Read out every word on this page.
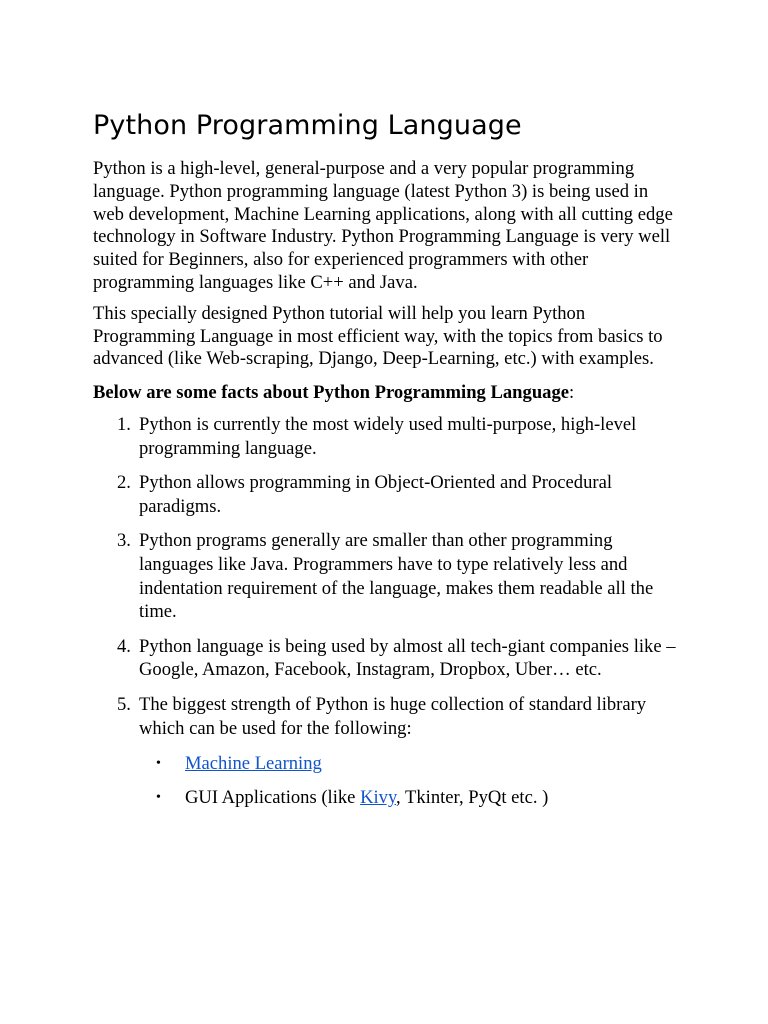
Python Programming Language

Python is a high-level, general-purpose and a very popular programming language. Python programming language (latest Python 3) is being used in web development, Machine Learning applications, along with all cutting edge technology in Software Industry. Python Programming Language is very well suited for Beginners, also for experienced programmers with other programming languages like C++ and Java.

This specially designed Python tutorial will help you learn Python Programming Language in most efficient way, with the topics from basics to advanced (like Web-scraping, Django, Deep-Learning, etc.) with examples.

Below are some facts about Python Programming Language:

1. Python is currently the most widely used multi-purpose, high-level programming language.
2. Python allows programming in Object-Oriented and Procedural paradigms.
3. Python programs generally are smaller than other programming languages like Java. Programmers have to type relatively less and indentation requirement of the language, makes them readable all the time.
4. Python language is being used by almost all tech-giant companies like – Google, Amazon, Facebook, Instagram, Dropbox, Uber… etc.
5. The biggest strength of Python is huge collection of standard library which can be used for the following:
• Machine Learning
• GUI Applications (like Kivy, Tkinter, PyQt etc. )
